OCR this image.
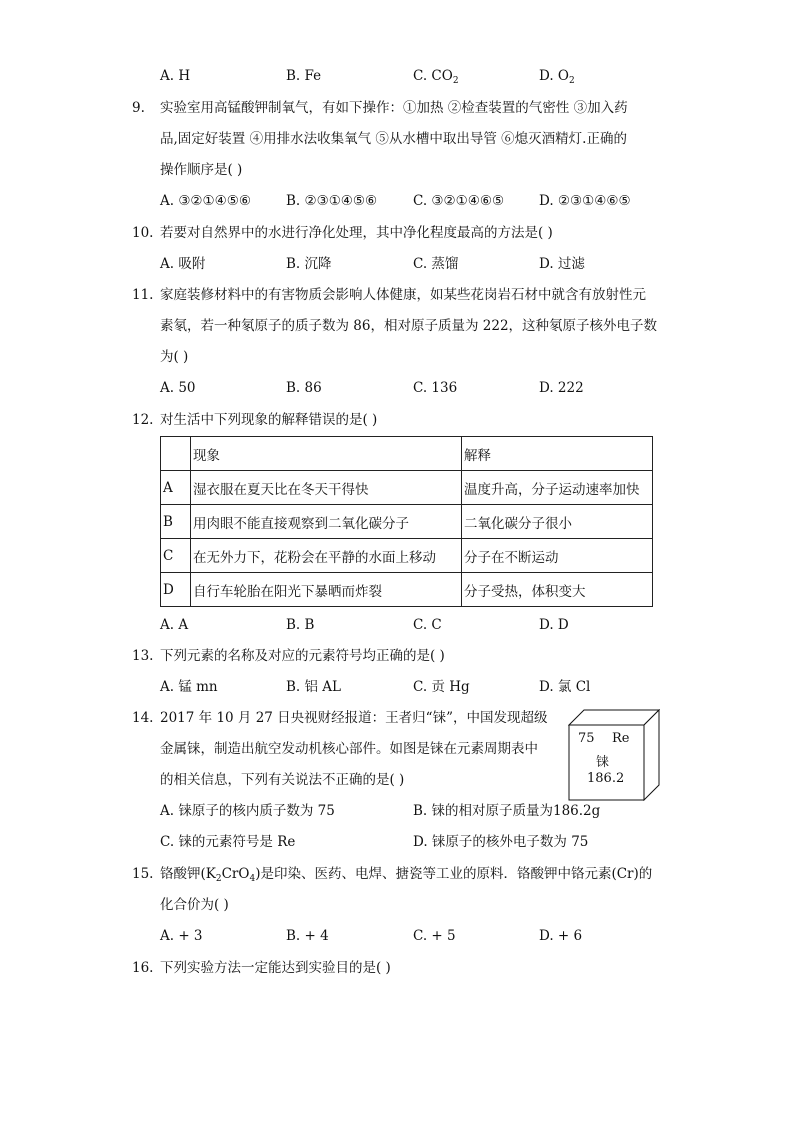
A. H	B. Fe	C. $CO_2$	D. $O_2$
9.	实验室用高锰酸钾制氧气，有如下操作：①加热 ②检查装置的气密性 ③加入药
品,固定好装置 ④用排水法收集氧气 ⑤从水槽中取出导管 ⑥熄灭酒精灯.正确的
操作顺序是( )
A. ③②①④⑤⑥	B. ②③①④⑤⑥	C. ③②①④⑥⑤	D. ②③①④⑥⑤
10. 若要对自然界中的水进行净化处理，其中净化程度最高的方法是( )
A. 吸附	B. 沉降	C. 蒸馏	D. 过滤
11. 家庭装修材料中的有害物质会影响人体健康，如某些花岗岩石材中就含有放射性元
素氡，若一种氡原子的质子数为 86，相对原子质量为 222，这种氡原子核外电子数
为( )
A. 50	B. 86	C. 136	D. 222
12. 对生活中下列现象的解释错误的是( )
	现象	解释
A	湿衣服在夏天比在冬天干得快	温度升高，分子运动速率加快
B	用肉眼不能直接观察到二氧化碳分子	二氧化碳分子很小
C	在无外力下，花粉会在平静的水面上移动	分子在不断运动
D	自行车轮胎在阳光下暴晒而炸裂	分子受热，体积变大
A. A	B. B	C. C	D. D
13. 下列元素的名称及对应的元素符号均正确的是( )
A. 锰 mn	B. 铝 AL	C. 贡 Hg	D. 氯 Cl
14. 2017 年 10 月 27 日央视财经报道：王者归“铼”，中国发现超级
金属铼，制造出航空发动机核心部件。如图是铼在元素周期表中
的相关信息，下列有关说法不正确的是( )
75 Re
铼
186.2
A. 铼原子的核内质子数为 75	B. 铼的相对原子质量为186.2g
C. 铼的元素符号是 Re	D. 铼原子的核外电子数为 75
15. 铬酸钾$(K_2CrO_4)$是印染、医药、电焊、搪瓷等工业的原料．铬酸钾中铬元素(Cr)的
化合价为( )
A. + 3	B. + 4	C. + 5	D. + 6
16. 下列实验方法一定能达到实验目的是( )
